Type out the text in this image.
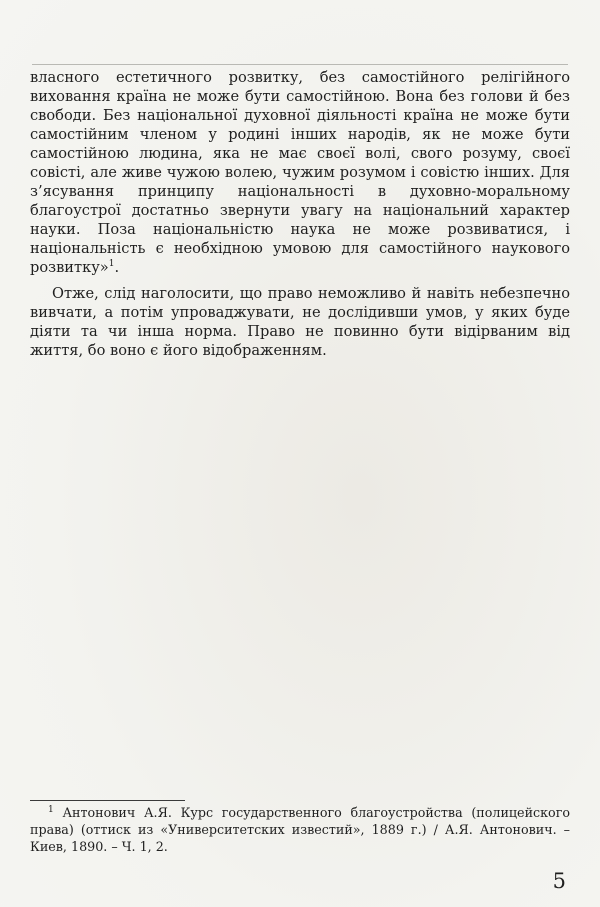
власного естетичного розвитку, без самостійного релігійного виховання країна не може бути самостійною. Вона без голови й без свободи. Без національної духовної діяльності країна не може бути самостійним членом у родині інших народів, як не може бути самостійною людина, яка не має своєї волі, свого розуму, своєї совісті, але живе чужою волею, чужим розумом і совістю інших. Для з’ясування принципу національності в духовно-моральному благоустрої достатньо звернути увагу на національний характер науки. Поза національністю наука не може розвиватися, і національність є необхідною умовою для самостійного наукового розвитку»$^1$.

Отже, слід наголосити, що право неможливо й навіть небезпечно вивчати, а потім упроваджувати, не дослідивши умов, у яких буде діяти та чи інша норма. Право не повинно бути відірваним від життя, бо воно є його відображенням.

$^1$ Антонович А.Я. Курс государственного благоустройства (полицейского права) (оттиск из «Университетских известий», 1889 г.) / А.Я. Антонович. – Киев, 1890. – Ч. 1, 2.
5
